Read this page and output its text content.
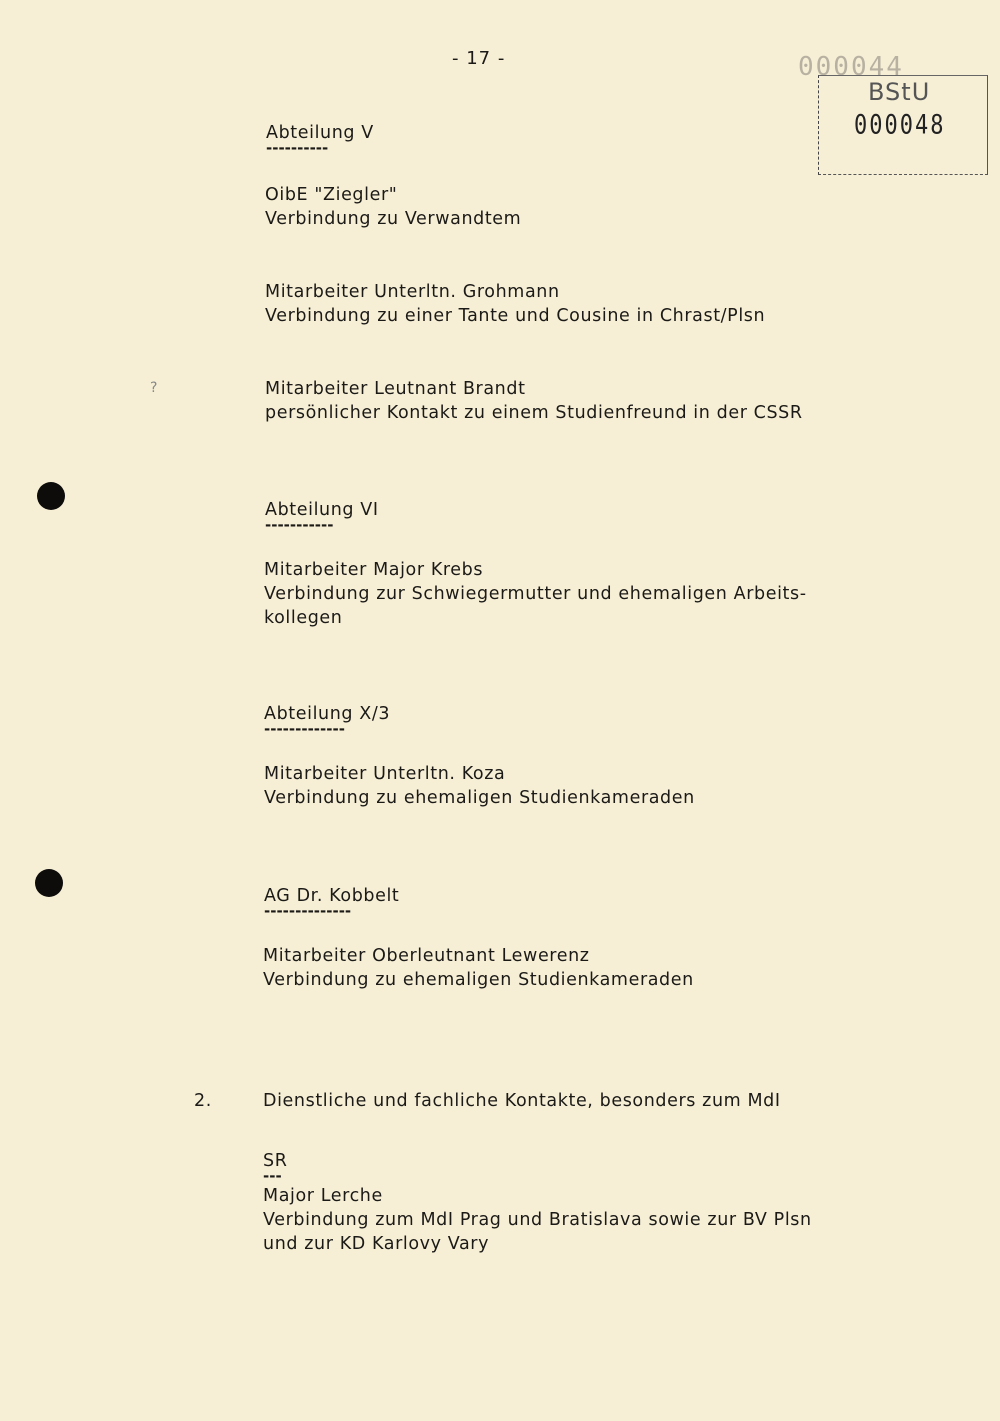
- 17 -	000044
BStU
000048
?
Abteilung V
----------
OibE "Ziegler"
Verbindung zu Verwandtem
Mitarbeiter Unterltn. Grohmann
Verbindung zu einer Tante und Cousine in Chrast/Plsn
Mitarbeiter Leutnant Brandt
persönlicher Kontakt zu einem Studienfreund in der CSSR
Abteilung VI
-----------
Mitarbeiter Major Krebs
Verbindung zur Schwiegermutter und ehemaligen Arbeits-
kollegen
Abteilung X/3
-------------
Mitarbeiter Unterltn. Koza
Verbindung zu ehemaligen Studienkameraden
AG Dr. Kobbelt
--------------
Mitarbeiter Oberleutnant Lewerenz
Verbindung zu ehemaligen Studienkameraden
2.	Dienstliche und fachliche Kontakte, besonders zum MdI
SR
---
Major Lerche
Verbindung zum MdI Prag und Bratislava sowie zur BV Plsn
und zur KD Karlovy Vary
